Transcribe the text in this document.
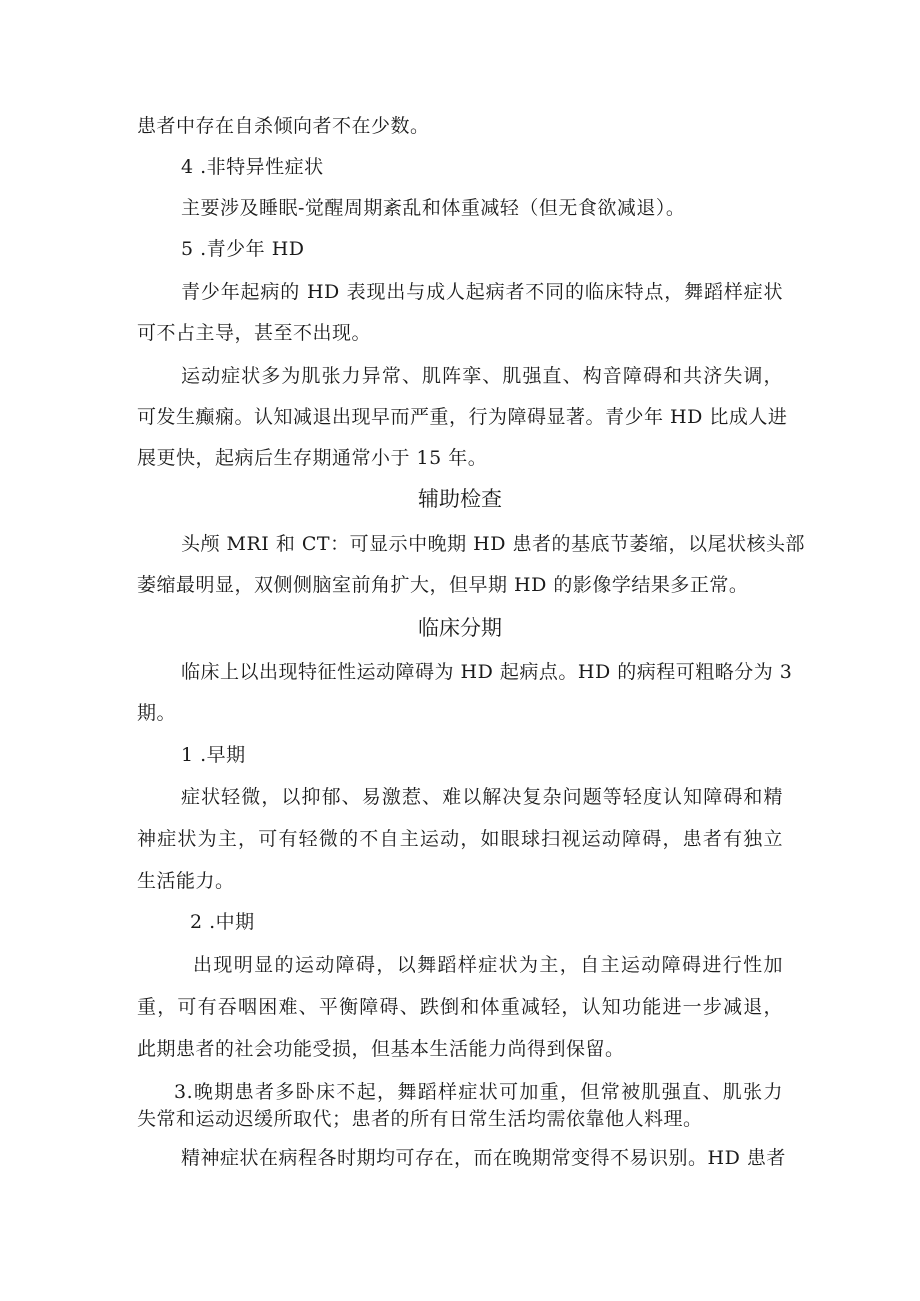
患者中存在自杀倾向者不在少数。
4 .非特异性症状
主要涉及睡眠-觉醒周期紊乱和体重减轻（但无食欲减退）。
5 .青少年 HD
青少年起病的 HD 表现出与成人起病者不同的临床特点，舞蹈样症状
可不占主导，甚至不出现。
运动症状多为肌张力异常、肌阵挛、肌强直、构音障碍和共济失调，
可发生癫痫。认知减退出现早而严重，行为障碍显著。青少年 HD 比成人进
展更快，起病后生存期通常小于 15 年。
辅助检查
头颅 MRI 和 CT：可显示中晚期 HD 患者的基底节萎缩，以尾状核头部
萎缩最明显，双侧侧脑室前角扩大，但早期 HD 的影像学结果多正常。
临床分期
临床上以出现特征性运动障碍为 HD 起病点。HD 的病程可粗略分为 3
期。
1 .早期
症状轻微，以抑郁、易激惹、难以解决复杂问题等轻度认知障碍和精
神症状为主，可有轻微的不自主运动，如眼球扫视运动障碍，患者有独立
生活能力。
2 .中期
出现明显的运动障碍，以舞蹈样症状为主，自主运动障碍进行性加
重，可有吞咽困难、平衡障碍、跌倒和体重减轻，认知功能进一步减退，
此期患者的社会功能受损，但基本生活能力尚得到保留。
3.晚期患者多卧床不起，舞蹈样症状可加重，但常被肌强直、肌张力
失常和运动迟缓所取代；患者的所有日常生活均需依靠他人料理。
精神症状在病程各时期均可存在，而在晚期常变得不易识别。HD 患者
